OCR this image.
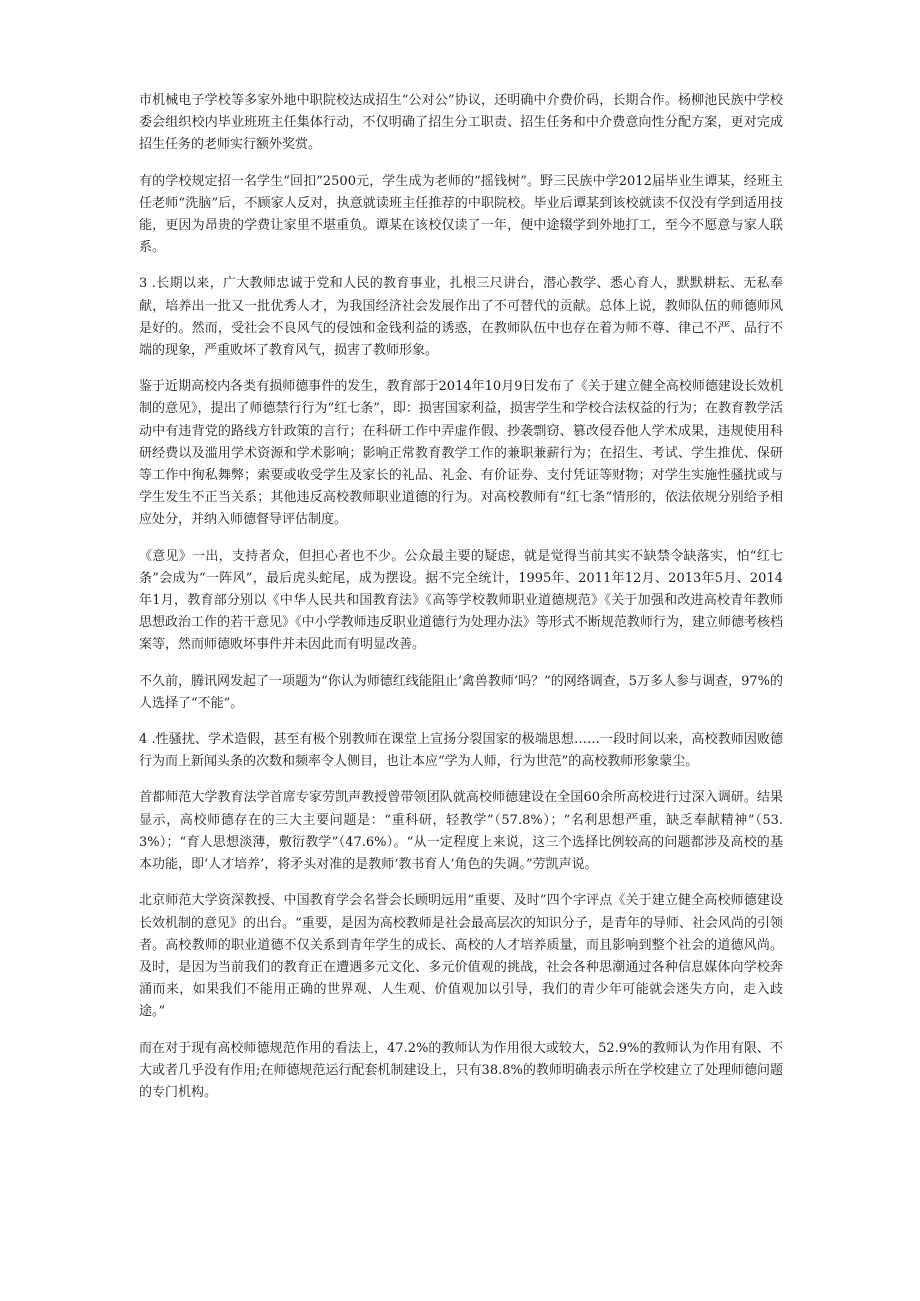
市机械电子学校等多家外地中职院校达成招生“公对公”协议，还明确中介费价码，长期合作。杨柳池民族中学校委会组织校内毕业班班主任集体行动，不仅明确了招生分工职责、招生任务和中介费意向性分配方案，更对完成招生任务的老师实行额外奖赏。

有的学校规定招一名学生“回扣”2500元，学生成为老师的“摇钱树”。野三民族中学2012届毕业生谭某，经班主任老师“洗脑”后，不顾家人反对，执意就读班主任推荐的中职院校。毕业后谭某到该校就读不仅没有学到适用技能，更因为昂贵的学费让家里不堪重负。谭某在该校仅读了一年，便中途辍学到外地打工，至今不愿意与家人联系。

3 .长期以来，广大教师忠诚于党和人民的教育事业，扎根三尺讲台，潜心教学、悉心育人，默默耕耘、无私奉献，培养出一批又一批优秀人才，为我国经济社会发展作出了不可替代的贡献。总体上说，教师队伍的师德师风是好的。然而，受社会不良风气的侵蚀和金钱利益的诱惑，在教师队伍中也存在着为师不尊、律己不严、品行不端的现象，严重败坏了教育风气，损害了教师形象。

鉴于近期高校内各类有损师德事件的发生，教育部于2014年10月9日发布了《关于建立健全高校师德建设长效机制的意见》，提出了师德禁行行为“红七条”，即：损害国家利益，损害学生和学校合法权益的行为；在教育教学活动中有违背党的路线方针政策的言行；在科研工作中弄虚作假、抄袭剽窃、篡改侵吞他人学术成果，违规使用科研经费以及滥用学术资源和学术影响；影响正常教育教学工作的兼职兼薪行为；在招生、考试、学生推优、保研等工作中徇私舞弊；索要或收受学生及家长的礼品、礼金、有价证券、支付凭证等财物；对学生实施性骚扰或与学生发生不正当关系；其他违反高校教师职业道德的行为。对高校教师有“红七条”情形的，依法依规分别给予相应处分，并纳入师德督导评估制度。

《意见》一出，支持者众，但担心者也不少。公众最主要的疑虑，就是觉得当前其实不缺禁令缺落实，怕“红七条”会成为“一阵风”，最后虎头蛇尾，成为摆设。据不完全统计，1995年、2011年12月、2013年5月、2014年1月，教育部分别以《中华人民共和国教育法》《高等学校教师职业道德规范》《关于加强和改进高校青年教师思想政治工作的若干意见》《中小学教师违反职业道德行为处理办法》等形式不断规范教师行为，建立师德考核档案等，然而师德败坏事件并未因此而有明显改善。

不久前，腾讯网发起了一项题为“你认为师德红线能阻止‘禽兽教师’吗？”的网络调查，5万多人参与调查，97%的人选择了“不能”。

4 .性骚扰、学术造假，甚至有极个别教师在课堂上宣扬分裂国家的极端思想……一段时间以来，高校教师因败德行为而上新闻头条的次数和频率令人侧目，也让本应“学为人师，行为世范”的高校教师形象蒙尘。

首都师范大学教育法学首席专家劳凯声教授曾带领团队就高校师德建设在全国60余所高校进行过深入调研。结果显示，高校师德存在的三大主要问题是：“重科研，轻教学”（57.8%）；“名利思想严重，缺乏奉献精神”（53.3%）；“育人思想淡薄，敷衍教学”（47.6%）。“从一定程度上来说，这三个选择比例较高的问题都涉及高校的基本功能，即‘人才培养’，将矛头对准的是教师‘教书育人’角色的失调。”劳凯声说。

北京师范大学资深教授、中国教育学会名誉会长顾明远用“重要、及时”四个字评点《关于建立健全高校师德建设长效机制的意见》的出台。“重要，是因为高校教师是社会最高层次的知识分子，是青年的导师、社会风尚的引领者。高校教师的职业道德不仅关系到青年学生的成长、高校的人才培养质量，而且影响到整个社会的道德风尚。及时，是因为当前我们的教育正在遭遇多元文化、多元价值观的挑战，社会各种思潮通过各种信息媒体向学校奔涌而来，如果我们不能用正确的世界观、人生观、价值观加以引导，我们的青少年可能就会迷失方向，走入歧途。”

而在对于现有高校师德规范作用的看法上，47.2%的教师认为作用很大或较大，52.9%的教师认为作用有限、不大或者几乎没有作用;在师德规范运行配套机制建设上，只有38.8%的教师明确表示所在学校建立了处理师德问题的专门机构。
